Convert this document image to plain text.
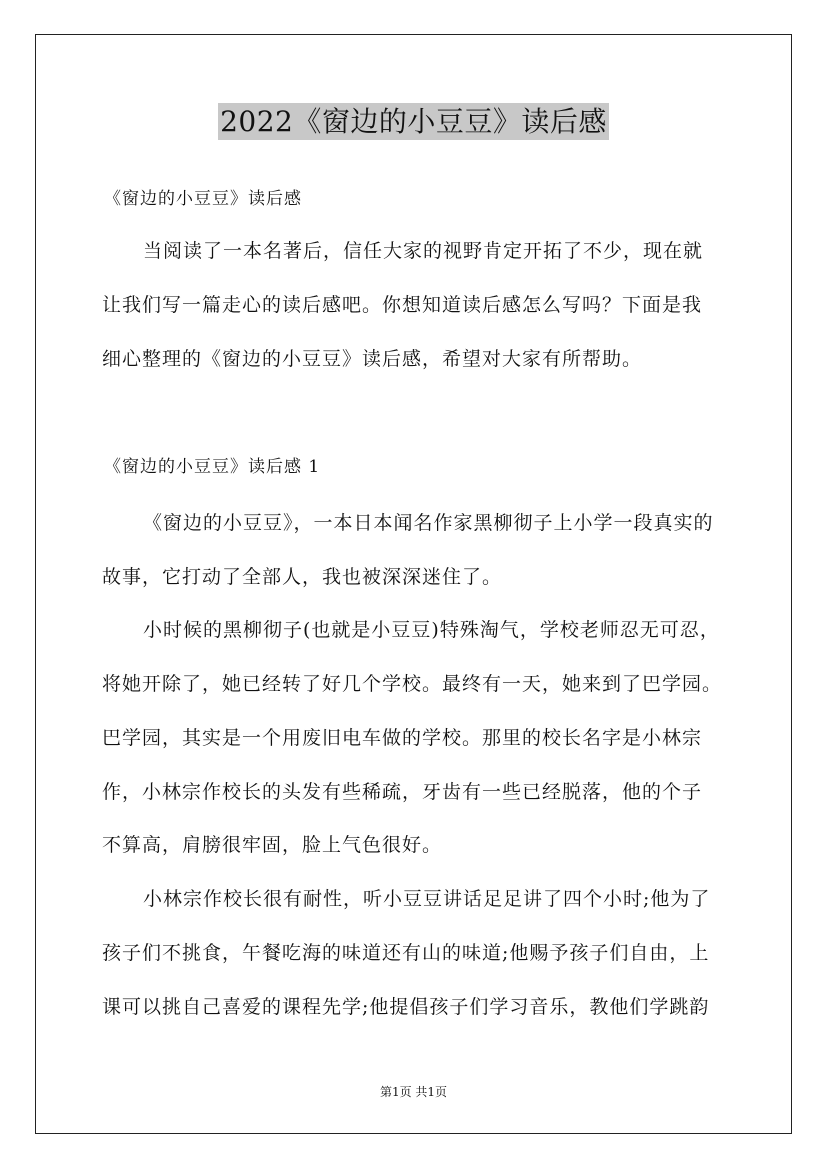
2022《窗边的小豆豆》读后感
《窗边的小豆豆》读后感
当阅读了一本名著后，信任大家的视野肯定开拓了不少，现在就
让我们写一篇走心的读后感吧。你想知道读后感怎么写吗？下面是我
细心整理的《窗边的小豆豆》读后感，希望对大家有所帮助。
《窗边的小豆豆》读后感 1
《窗边的小豆豆》，一本日本闻名作家黑柳彻子上小学一段真实的
故事，它打动了全部人，我也被深深迷住了。
小时候的黑柳彻子(也就是小豆豆)特殊淘气，学校老师忍无可忍，
将她开除了，她已经转了好几个学校。最终有一天，她来到了巴学园。
巴学园，其实是一个用废旧电车做的学校。那里的校长名字是小林宗
作，小林宗作校长的头发有些稀疏，牙齿有一些已经脱落，他的个子
不算高，肩膀很牢固，脸上气色很好。
小林宗作校长很有耐性，听小豆豆讲话足足讲了四个小时;他为了
孩子们不挑食，午餐吃海的味道还有山的味道;他赐予孩子们自由，上
课可以挑自己喜爱的课程先学;他提倡孩子们学习音乐，教他们学跳韵
第1页 共1页
